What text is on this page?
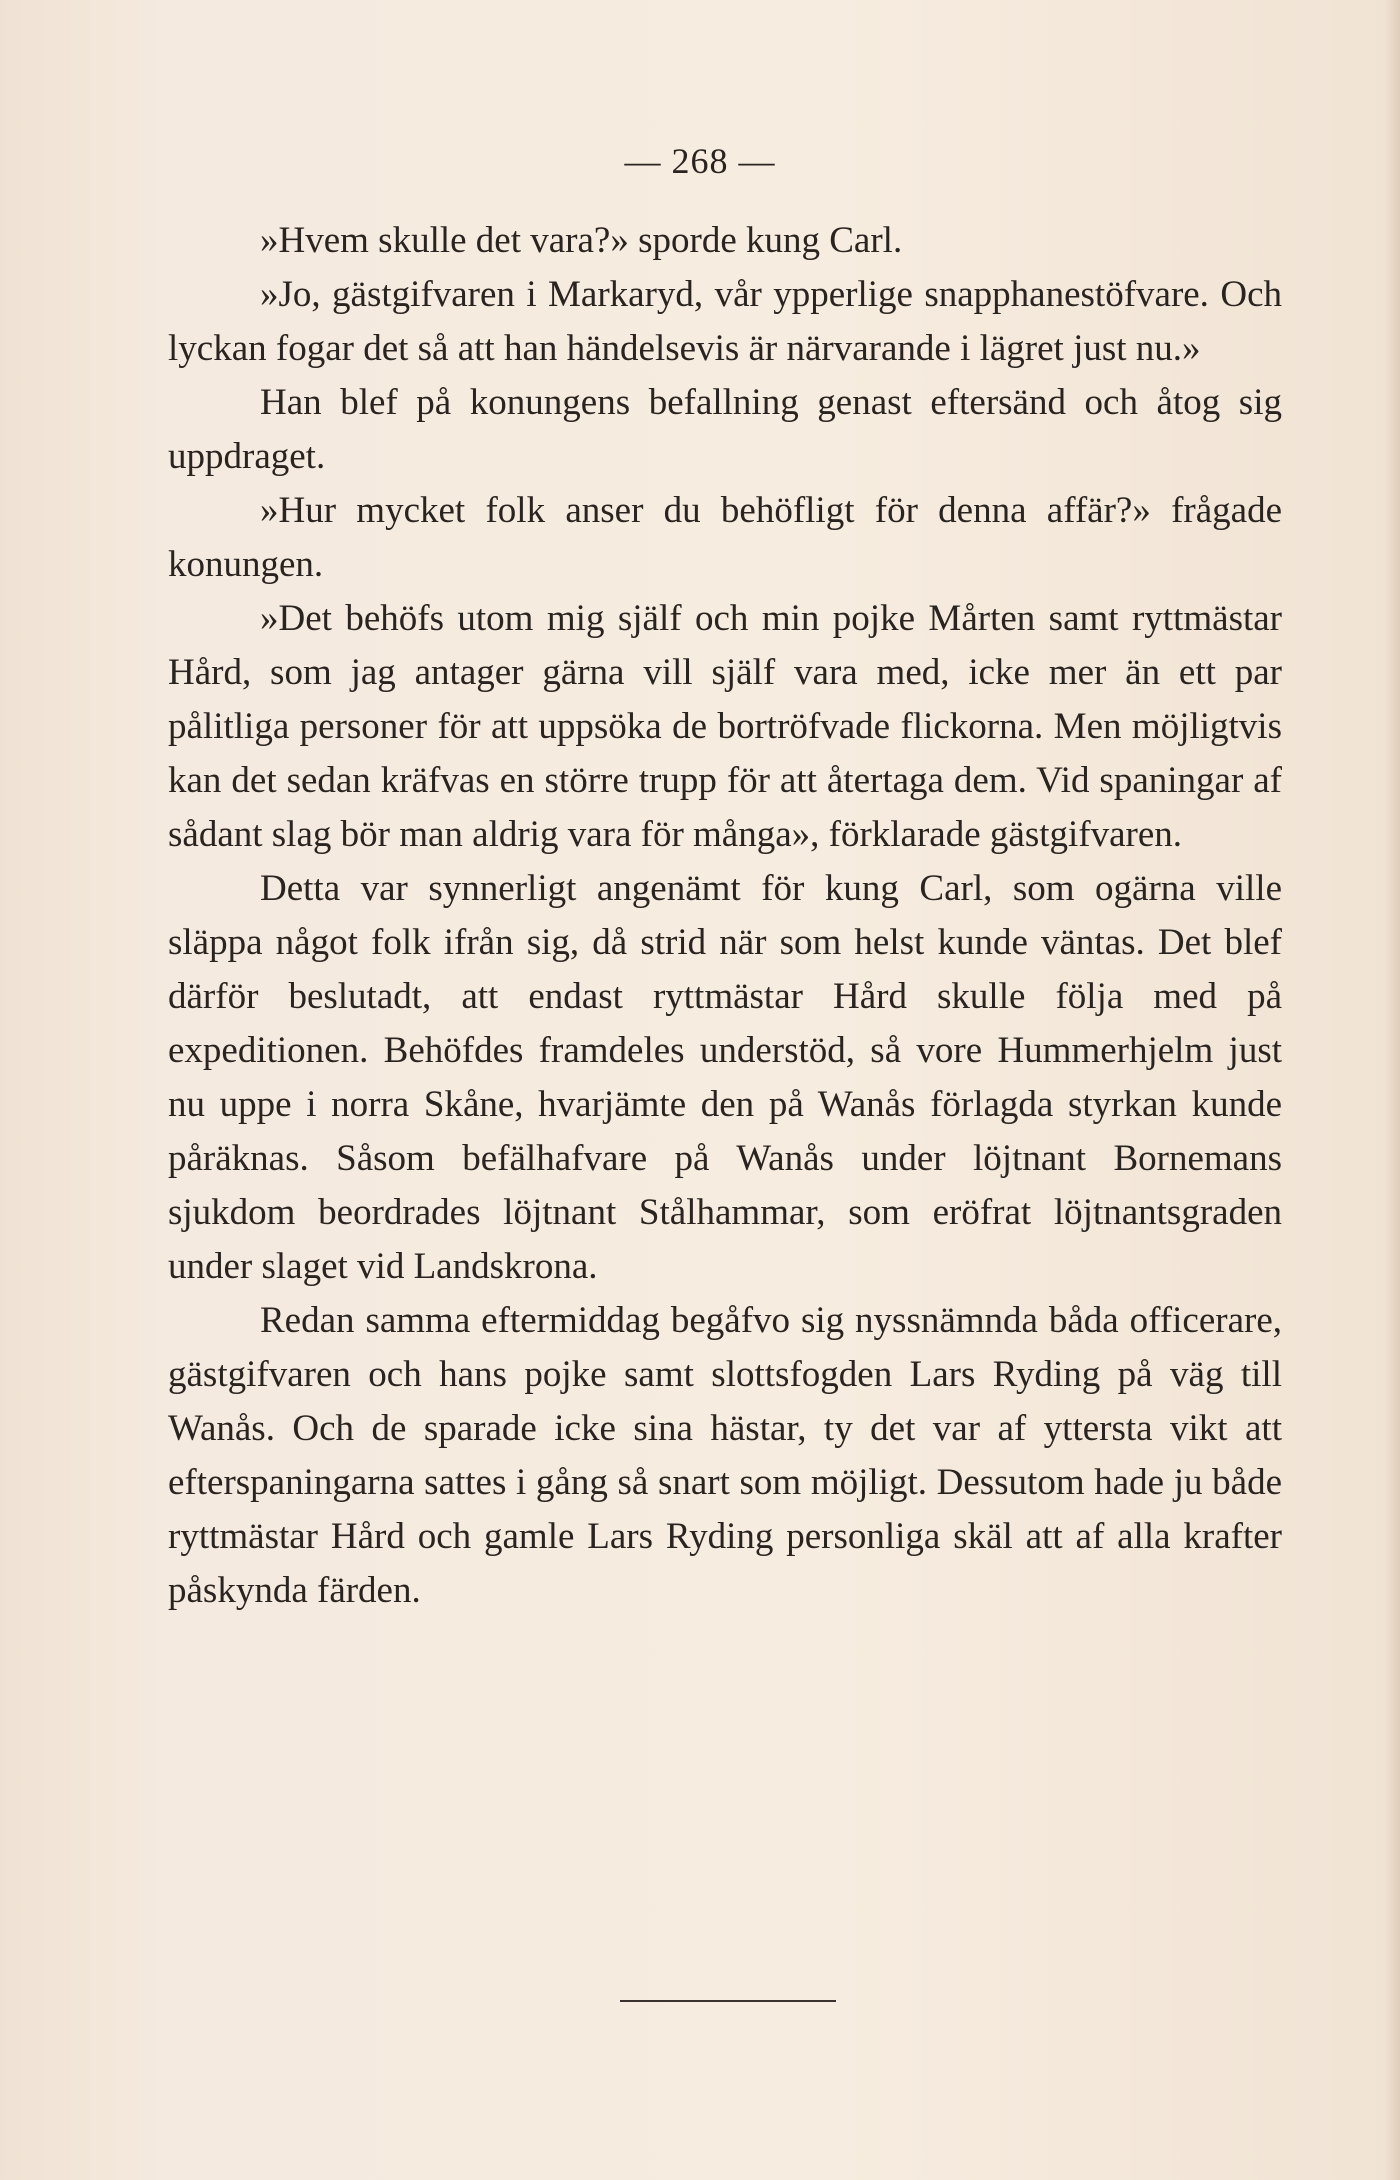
— 268 —

»Hvem skulle det vara?» sporde kung Carl.

»Jo, gästgifvaren i Markaryd, vår ypperlige snapphanestöfvare. Och lyckan fogar det så att han händelsevis är närvarande i lägret just nu.»

Han blef på konungens befallning genast eftersänd och åtog sig uppdraget.

»Hur mycket folk anser du behöfligt för denna affär?» frågade konungen.

»Det behöfs utom mig själf och min pojke Mårten samt ryttmästar Hård, som jag antager gärna vill själf vara med, icke mer än ett par pålitliga personer för att uppsöka de bortröfvade flickorna. Men möjligtvis kan det sedan kräfvas en större trupp för att återtaga dem. Vid spaningar af sådant slag bör man aldrig vara för många», förklarade gästgifvaren.

Detta var synnerligt angenämt för kung Carl, som ogärna ville släppa något folk ifrån sig, då strid när som helst kunde väntas. Det blef därför beslutadt, att endast ryttmästar Hård skulle följa med på expeditionen. Behöfdes framdeles understöd, så vore Hummerhjelm just nu uppe i norra Skåne, hvarjämte den på Wanås förlagda styrkan kunde påräknas. Såsom befälhafvare på Wanås under löjtnant Bornemans sjukdom beordrades löjtnant Stålhammar, som eröfrat löjtnantsgraden under slaget vid Landskrona.

Redan samma eftermiddag begåfvo sig nyssnämnda båda officerare, gästgifvaren och hans pojke samt slottsfogden Lars Ryding på väg till Wanås. Och de sparade icke sina hästar, ty det var af yttersta vikt att efterspaningarna sattes i gång så snart som möjligt. Dessutom hade ju både ryttmästar Hård och gamle Lars Ryding personliga skäl att af alla krafter påskynda färden.
